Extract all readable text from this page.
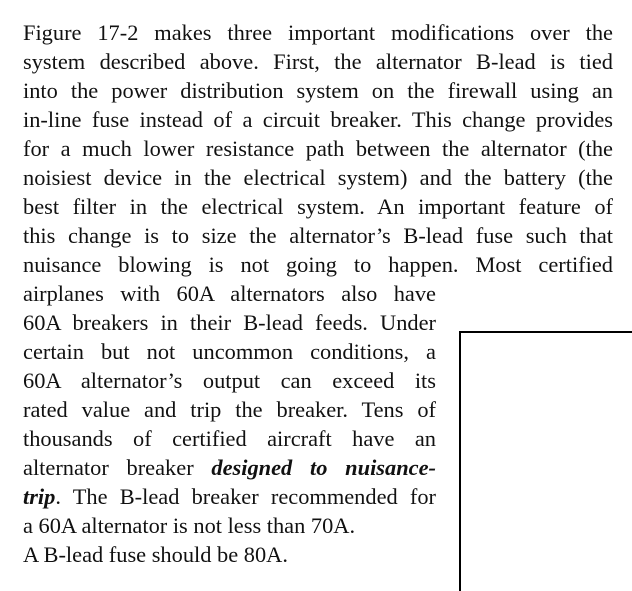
Figure 17-2 makes three important modifications over the
system described above. First, the alternator B-lead is tied
into the power distribution system on the firewall using an
in-line fuse instead of a circuit breaker. This change provides
for a much lower resistance path between the alternator (the
noisiest device in the electrical system) and the battery (the
best filter in the electrical system. An important feature of
this change is to size the alternator’s B-lead fuse such that
nuisance blowing is not going to happen. Most certified
airplanes with 60A alternators also have
60A breakers in their B-lead feeds. Under
certain but not uncommon conditions, a
60A alternator’s output can exceed its
rated value and trip the breaker. Tens of
thousands of certified aircraft have an
alternator breaker designed to nuisance-
trip. The B-lead breaker recommended for
a 60A alternator is not less than 70A.
A B-lead fuse should be 80A.
